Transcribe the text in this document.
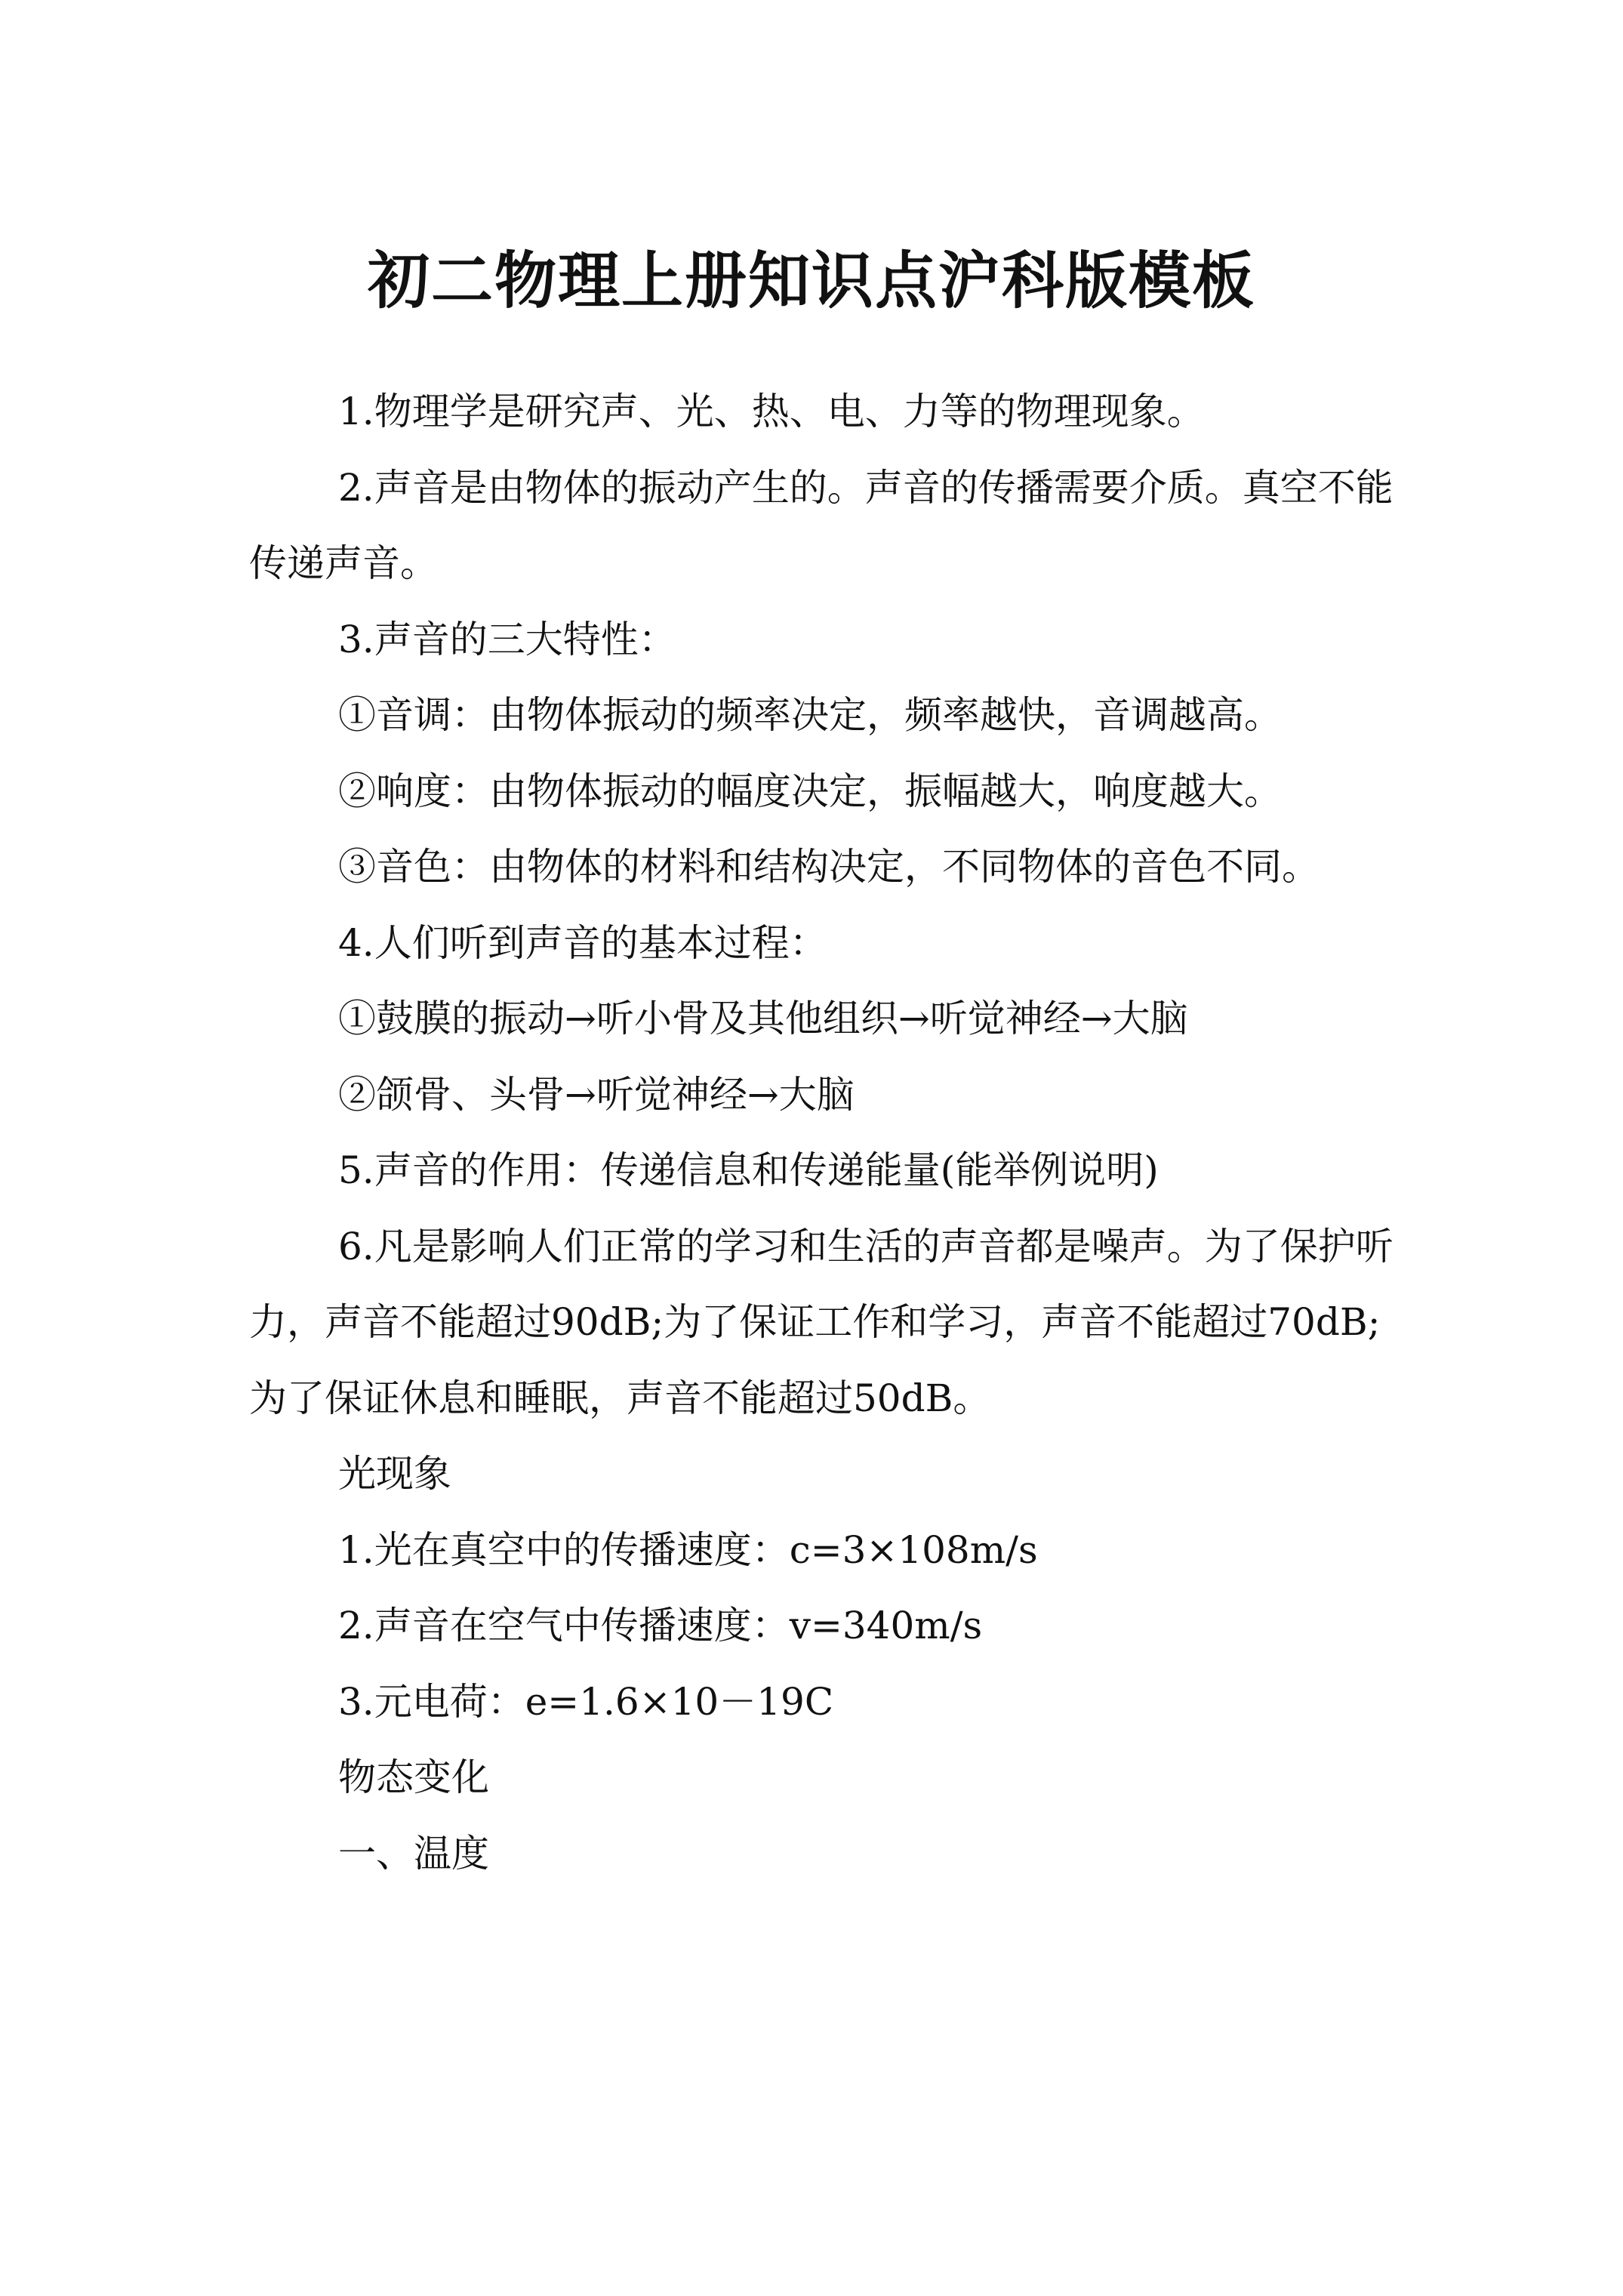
初二物理上册知识点沪科版模板

1.物理学是研究声、光、热、电、力等的物理现象。

2.声音是由物体的振动产生的。声音的传播需要介质。真空不能传递声音。

3.声音的三大特性：

①音调：由物体振动的频率决定，频率越快，音调越高。

②响度：由物体振动的幅度决定，振幅越大，响度越大。

③音色：由物体的材料和结构决定，不同物体的音色不同。

4.人们听到声音的基本过程：

①鼓膜的振动→听小骨及其他组织→听觉神经→大脑

②颌骨、头骨→听觉神经→大脑

5.声音的作用：传递信息和传递能量(能举例说明)

6.凡是影响人们正常的学习和生活的声音都是噪声。为了保护听力，声音不能超过90dB;为了保证工作和学习，声音不能超过70dB;为了保证休息和睡眠，声音不能超过50dB。

光现象

1.光在真空中的传播速度：c=3×108m/s

2.声音在空气中传播速度：v=340m/s

3.元电荷：e=1.6×10－19C

物态变化

一、温度
